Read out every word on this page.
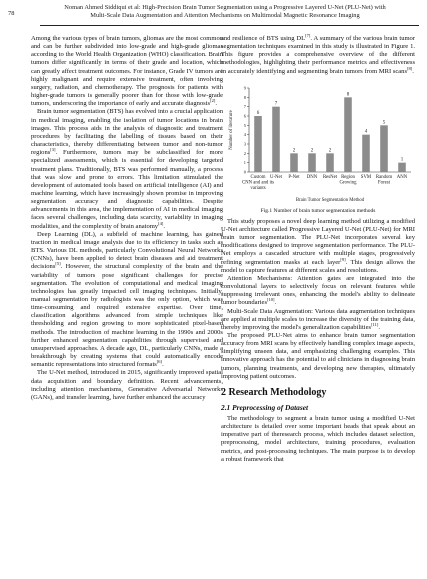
78
Noman Ahmed Siddiqui et al: High-Precision Brain Tumor Segmentation using a Progressive Layered U-Net (PLU-Net) with
Multi-Scale Data Augmentation and Attention Mechanisms on Multimodal Magnetic Resonance Imaging

Among the various types of brain tumors, gliomas are the most common and can be further subdivided into low-grade and high-grade gliomas according to the World Health Organization (WHO) classification. Brain tumors differ significantly in terms of their grade and location, which can greatly affect treatment outcomes. For instance, Grade IV tumors are highly malignant and require extensive treatment, often involving surgery, radiation, and chemotherapy. The prognosis for patients with higher-grade tumors is generally poorer than for those with low-grade tumors, underscoring the importance of early and accurate diagnosis[2].

Brain tumor segmentation (BTS) has evolved into a crucial application in medical imaging, enabling the isolation of tumor locations in brain images. This process aids in the analysis of diagnostic and treatment procedures by facilitating the labelling of tissues based on their characteristics, thereby differentiating between tumor and non-tumor regions[3]. Furthermore, tumors may be subclassified for more specialized assessments, which is essential for developing targeted treatment plans. Traditionally, BTS was performed manually, a process that was slow and prone to errors. This limitation stimulated the development of automated tools based on artificial intelligence (AI) and machine learning, which have increasingly shown promise in improving segmentation accuracy and diagnostic capabilities. Despite advancements in this area, the implementation of AI in medical imaging faces several challenges, including data scarcity, variability in imaging modalities, and the complexity of brain anatomy[4].

Deep Learning (DL), a subfield of machine learning, has gained traction in medical image analysis due to its efficiency in tasks such as BTS. Various DL methods, particularly Convolutional Neural Networks (CNNs), have been applied to detect brain diseases and aid treatment decisions[5]. However, the structural complexity of the brain and the variability of tumors pose significant challenges for precise segmentation. The evolution of computational and medical imaging technologies has greatly impacted cell imaging techniques. Initially, manual segmentation by radiologists was the only option, which was time-consuming and required extensive expertise. Over time, classification algorithms advanced from simple techniques like thresholding and region growing to more sophisticated pixel-based methods. The introduction of machine learning in the 1990s and 2000s further enhanced segmentation capabilities through supervised and unsupervised approaches. A decade ago, DL, particularly CNNs, made a breakthrough by creating systems that could automatically encode semantic representations into structured formats[6].

The U-Net method, introduced in 2015, significantly improved spatial data acquisition and boundary definition. Recent advancements, including attention mechanisms, Generative Adversarial Networks (GANs), and transfer learning, have further enhanced the accuracy

and resilience of BTS using DL[7]. A summary of the various brain tumor segmentation techniques examined in this study is illustrated in Figure 1. This figure provides a comprehensive overview of the different methodologies, highlighting their performance metrics and effectiveness in accurately identifying and segmenting brain tumors from MRI scans[8].

0
1
2
3
4
5
6
7
8
9
Number of literature	6
Custom
CNN and and its
variants
7
U-Net
2
P-Net
2
DNN
2
ResNet
8
Region
Growing
4
SVM
5
Random
Forest
1
ANN
Brain Tumor Segmentation Method
Fig.1 Number of brain tumor segmentation methods

This study proposes a novel deep learning method utilizing a modified U-Net architecture called Progressive Layered U-Net (PLU-Net) for MRI brain tumor segmentation. The PLU-Net incorporates several key modifications designed to improve segmentation performance. The PLU-Net employs a cascaded structure with multiple stages, progressively refining segmentation masks at each layer[9]. This design allows the model to capture features at different scales and resolutions.

Attention Mechanisms: Attention gates are integrated into the convolutional layers to selectively focus on relevant features while suppressing irrelevant ones, enhancing the model's ability to delineate tumor boundaries[10].

Multi-Scale Data Augmentation: Various data augmentation techniques are applied at multiple scales to increase the diversity of the training data, thereby improving the model's generalization capabilities[11].

The proposed PLU-Net aims to enhance brain tumor segmentation accuracy from MRI scans by effectively handling complex image aspects, simplifying unseen data, and emphasizing challenging examples. This innovative approach has the potential to aid clinicians in diagnosing brain tumors, planning treatments, and developing new therapies, ultimately improving patient outcomes.

2 Research Methodology
2.1 Preprocessing of Dataset

The methodology to segment a brain tumor using a modified U-Net architecture is detailed over some important heads that speak about an imperative part of theresearch process, which includes dataset selection, preprocessing, model architecture, training procedures, evaluation metrics, and post-processing techniques. The main purpose is to develop a robust framework that
